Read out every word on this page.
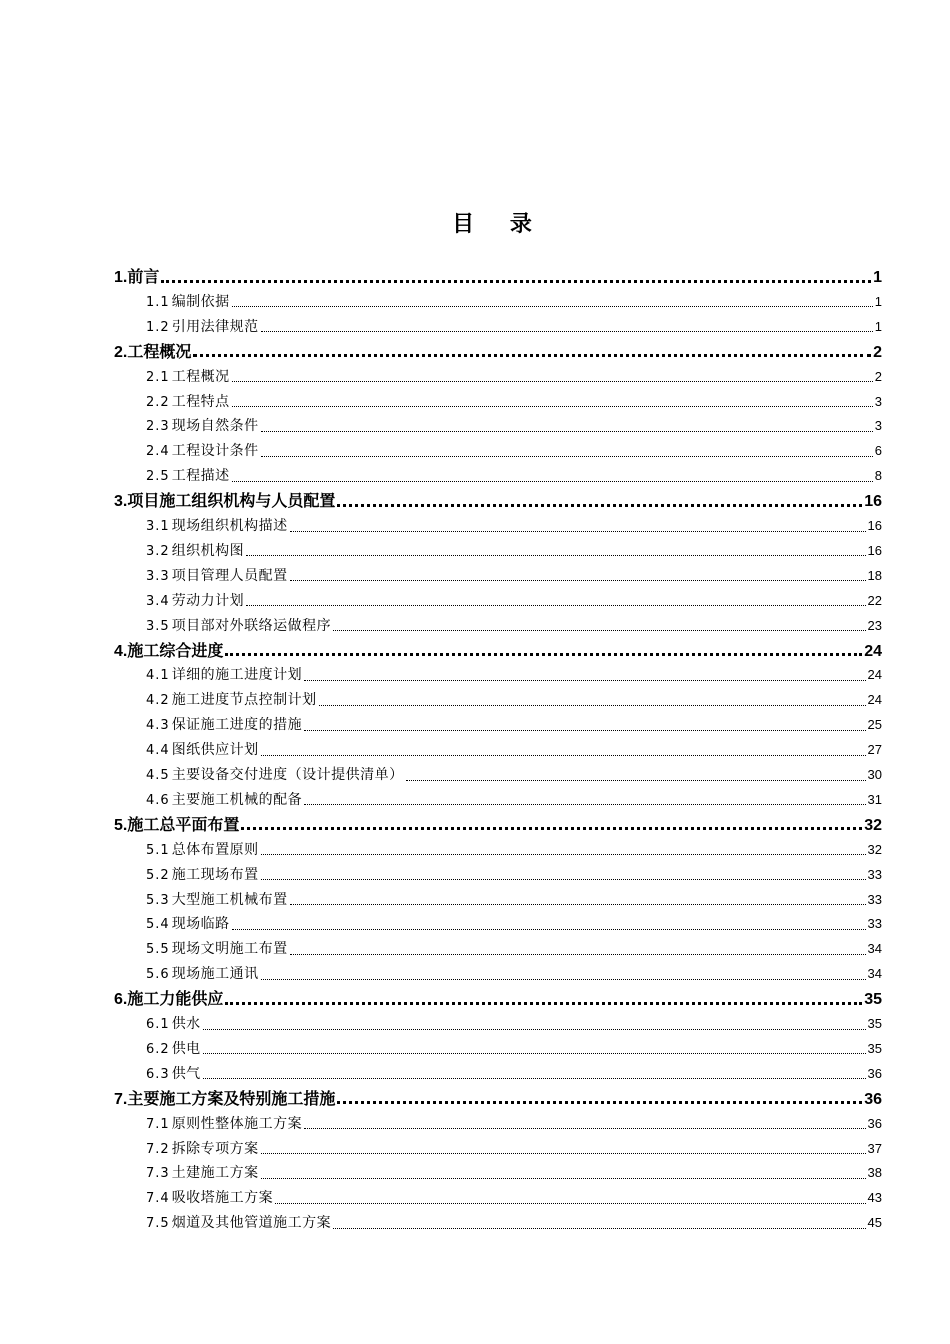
目 录
1. 前言	1
1.1 编制依据	1
1.2 引用法律规范	1
2. 工程概况	2
2.1 工程概况	2
2.2 工程特点	3
2.3 现场自然条件	3
2.4 工程设计条件	6
2.5 工程描述	8
3. 项目施工组织机构与人员配置	16
3.1 现场组织机构描述	16
3.2 组织机构图	16
3.3 项目管理人员配置	18
3.4 劳动力计划	22
3.5 项目部对外联络运做程序	23
4. 施工综合进度	24
4.1 详细的施工进度计划	24
4.2 施工进度节点控制计划	24
4.3 保证施工进度的措施	25
4.4 图纸供应计划	27
4.5 主要设备交付进度（设计提供清单）	30
4.6 主要施工机械的配备	31
5. 施工总平面布置	32
5.1 总体布置原则	32
5.2 施工现场布置	33
5.3 大型施工机械布置	33
5.4 现场临路	33
5.5 现场文明施工布置	34
5.6 现场施工通讯	34
6. 施工力能供应	35
6.1 供水	35
6.2 供电	35
6.3 供气	36
7. 主要施工方案及特别施工措施	36
7.1 原则性整体施工方案	36
7.2 拆除专项方案	37
7.3 土建施工方案	38
7.4 吸收塔施工方案	43
7.5 烟道及其他管道施工方案	45
